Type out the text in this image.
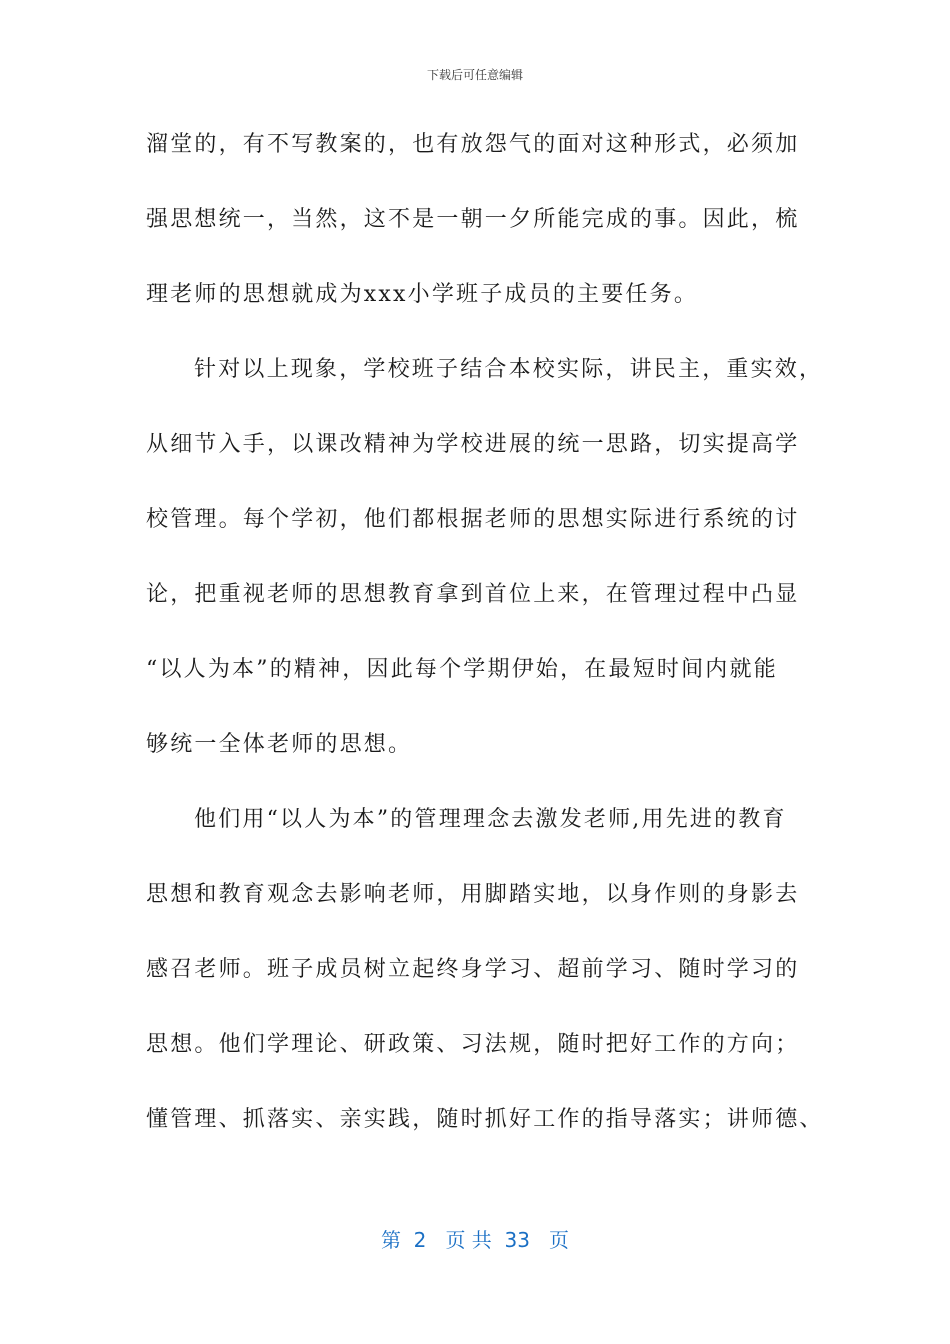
下载后可任意编辑
溜堂的，有不写教案的，也有放怨气的面对这种形式，必须加
强思想统一，当然，这不是一朝一夕所能完成的事。因此，梳
理老师的思想就成为xxx小学班子成员的主要任务。
针对以上现象，学校班子结合本校实际，讲民主，重实效，
从细节入手，以课改精神为学校进展的统一思路，切实提高学
校管理。每个学初，他们都根据老师的思想实际进行系统的讨
论，把重视老师的思想教育拿到首位上来，在管理过程中凸显
“以人为本”的精神，因此每个学期伊始，在最短时间内就能
够统一全体老师的思想。
他们用“以人为本”的管理理念去激发老师,用先进的教育
思想和教育观念去影响老师，用脚踏实地，以身作则的身影去
感召老师。班子成员树立起终身学习、超前学习、随时学习的
思想。他们学理论、研政策、习法规，随时把好工作的方向；
懂管理、抓落实、亲实践，随时抓好工作的指导落实；讲师德、
第  2   页 共  33   页
